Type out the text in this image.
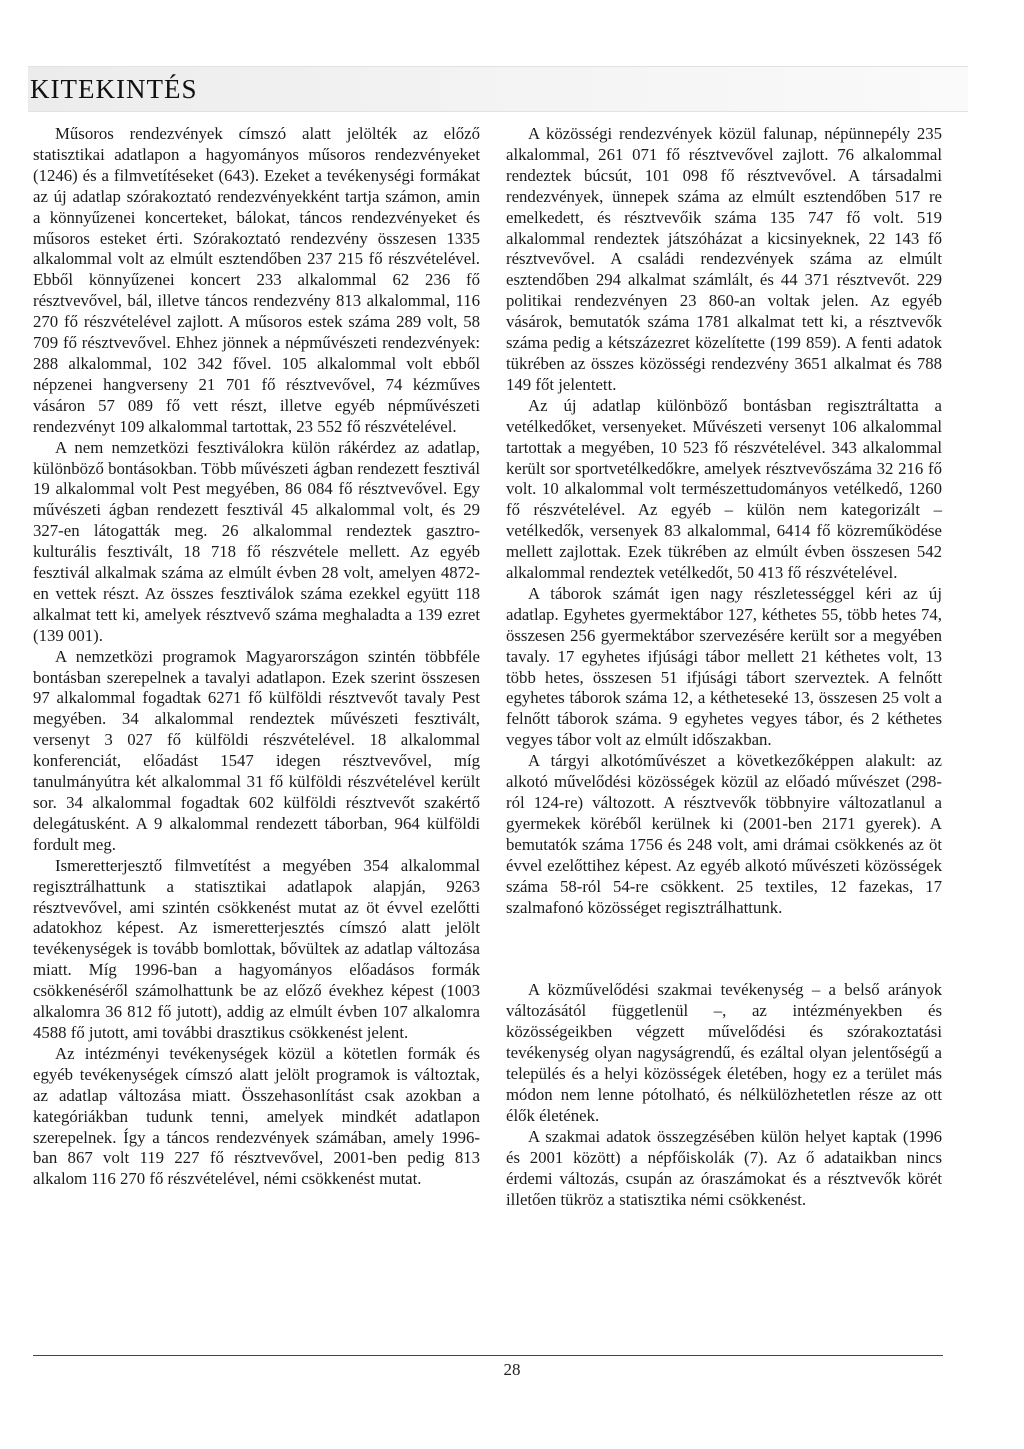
KITEKINTÉS

Műsoros rendezvények címszó alatt jelölték az előző statisztikai adatlapon a hagyományos műsoros rendezvényeket (1246) és a filmvetítéseket (643). Ezeket a tevékenységi formákat az új adatlap szórakoztató rendezvényekként tartja számon, amin a könnyűzenei koncerteket, bálokat, táncos rendezvényeket és műsoros esteket érti. Szórakoztató rendezvény összesen 1335 alkalommal volt az elmúlt esztendőben 237 215 fő részvételével. Ebből könnyűzenei koncert 233 alkalommal 62 236 fő résztvevővel, bál, illetve táncos rendezvény 813 alkalommal, 116 270 fő részvételével zajlott. A műsoros estek száma 289 volt, 58 709 fő résztvevővel. Ehhez jönnek a népművészeti rendezvények: 288 alkalommal, 102 342 fővel. 105 alkalommal volt ebből népzenei hangverseny 21 701 fő résztvevővel, 74 kézműves vásáron 57 089 fő vett részt, illetve egyéb népművészeti rendezvényt 109 alkalommal tartottak, 23 552 fő részvételével.

A nem nemzetközi fesztiválokra külön rákérdez az adatlap, különböző bontásokban. Több művészeti ágban rendezett fesztivál 19 alkalommal volt Pest megyében, 86 084 fő résztvevővel. Egy művészeti ágban rendezett fesztivál 45 alkalommal volt, és 29 327-en látogatták meg. 26 alkalommal rendeztek gasztro-kulturális fesztivált, 18 718 fő részvétele mellett. Az egyéb fesztivál alkalmak száma az elmúlt évben 28 volt, amelyen 4872-en vettek részt. Az összes fesztiválok száma ezekkel együtt 118 alkalmat tett ki, amelyek résztvevő száma meghaladta a 139 ezret (139 001).

A nemzetközi programok Magyarországon szintén többféle bontásban szerepelnek a tavalyi adatlapon. Ezek szerint összesen 97 alkalommal fogadtak 6271 fő külföldi résztvevőt tavaly Pest megyében. 34 alkalommal rendeztek művészeti fesztivált, versenyt 3 027 fő külföldi részvételével. 18 alkalommal konferenciát, előadást 1547 idegen résztvevővel, míg tanulmányútra két alkalommal 31 fő külföldi részvételével került sor. 34 alkalommal fogadtak 602 külföldi résztvevőt szakértő delegátusként. A 9 alkalommal rendezett táborban, 964 külföldi fordult meg.

Ismeretterjesztő filmvetítést a megyében 354 alkalommal regisztrálhattunk a statisztikai adatlapok alapján, 9263 résztvevővel, ami szintén csökkenést mutat az öt évvel ezelőtti adatokhoz képest. Az ismeretterjesztés címszó alatt jelölt tevékenységek is tovább bomlottak, bővültek az adatlap változása miatt. Míg 1996-ban a hagyományos előadásos formák csökkenéséről számolhattunk be az előző évekhez képest (1003 alkalomra 36 812 fő jutott), addig az elmúlt évben 107 alkalomra 4588 fő jutott, ami további drasztikus csökkenést jelent.

Az intézményi tevékenységek közül a kötetlen formák és egyéb tevékenységek címszó alatt jelölt programok is változtak, az adatlap változása miatt. Összehasonlítást csak azokban a kategóriákban tudunk tenni, amelyek mindkét adatlapon szerepelnek. Így a táncos rendezvények számában, amely 1996-ban 867 volt 119 227 fő résztvevővel, 2001-ben pedig 813 alkalom 116 270 fő részvételével, némi csökkenést mutat.

A közösségi rendezvények közül falunap, népünnepély 235 alkalommal, 261 071 fő résztvevővel zajlott. 76 alkalommal rendeztek búcsút, 101 098 fő résztvevővel. A társadalmi rendezvények, ünnepek száma az elmúlt esztendőben 517 re emelkedett, és résztvevőik száma 135 747 fő volt. 519 alkalommal rendeztek játszóházat a kicsinyeknek, 22 143 fő résztvevővel. A családi rendezvények száma az elmúlt esztendőben 294 alkalmat számlált, és 44 371 résztvevőt. 229 politikai rendezvényen 23 860-an voltak jelen. Az egyéb vásárok, bemutatók száma 1781 alkalmat tett ki, a résztvevők száma pedig a kétszázezret közelítette (199 859). A fenti adatok tükrében az összes közösségi rendezvény 3651 alkalmat és 788 149 főt jelentett.

Az új adatlap különböző bontásban regisztráltatta a vetélkedőket, versenyeket. Művészeti versenyt 106 alkalommal tartottak a megyében, 10 523 fő részvételével. 343 alkalommal került sor sportvetélkedőkre, amelyek résztvevőszáma 32 216 fő volt. 10 alkalommal volt természettudományos vetélkedő, 1260 fő részvételével. Az egyéb – külön nem kategorizált – vetélkedők, versenyek 83 alkalommal, 6414 fő közreműködése mellett zajlottak. Ezek tükrében az elmúlt évben összesen 542 alkalommal rendeztek vetélkedőt, 50 413 fő részvételével.

A táborok számát igen nagy részletességgel kéri az új adatlap. Egyhetes gyermektábor 127, kéthetes 55, több hetes 74, összesen 256 gyermektábor szervezésére került sor a megyében tavaly. 17 egyhetes ifjúsági tábor mellett 21 kéthetes volt, 13 több hetes, összesen 51 ifjúsági tábort szerveztek. A felnőtt egyhetes táborok száma 12, a kétheteseké 13, összesen 25 volt a felnőtt táborok száma. 9 egyhetes vegyes tábor, és 2 kéthetes vegyes tábor volt az elmúlt időszakban.

A tárgyi alkotóművészet a következőképpen alakult: az alkotó művelődési közösségek közül az előadó művészet (298-ról 124-re) változott. A résztvevők többnyire változatlanul a gyermekek köréből kerülnek ki (2001-ben 2171 gyerek). A bemutatók száma 1756 és 248 volt, ami drámai csökkenés az öt évvel ezelőttihez képest. Az egyéb alkotó művészeti közösségek száma 58-ról 54-re csökkent. 25 textiles, 12 fazekas, 17 szalmafonó közösséget regisztrálhattunk.

A közművelődési szakmai tevékenység – a belső arányok változásától függetlenül –, az intézményekben és közösségeikben végzett művelődési és szórakoztatási tevékenység olyan nagyságrendű, és ezáltal olyan jelentőségű a település és a helyi közösségek életében, hogy ez a terület más módon nem lenne pótolható, és nélkülözhetetlen része az ott élők életének.

A szakmai adatok összegzésében külön helyet kaptak (1996 és 2001 között) a népfőiskolák (7). Az ő adataikban nincs érdemi változás, csupán az óraszámokat és a résztvevők körét illetően tükröz a statisztika némi csökkenést.

28
